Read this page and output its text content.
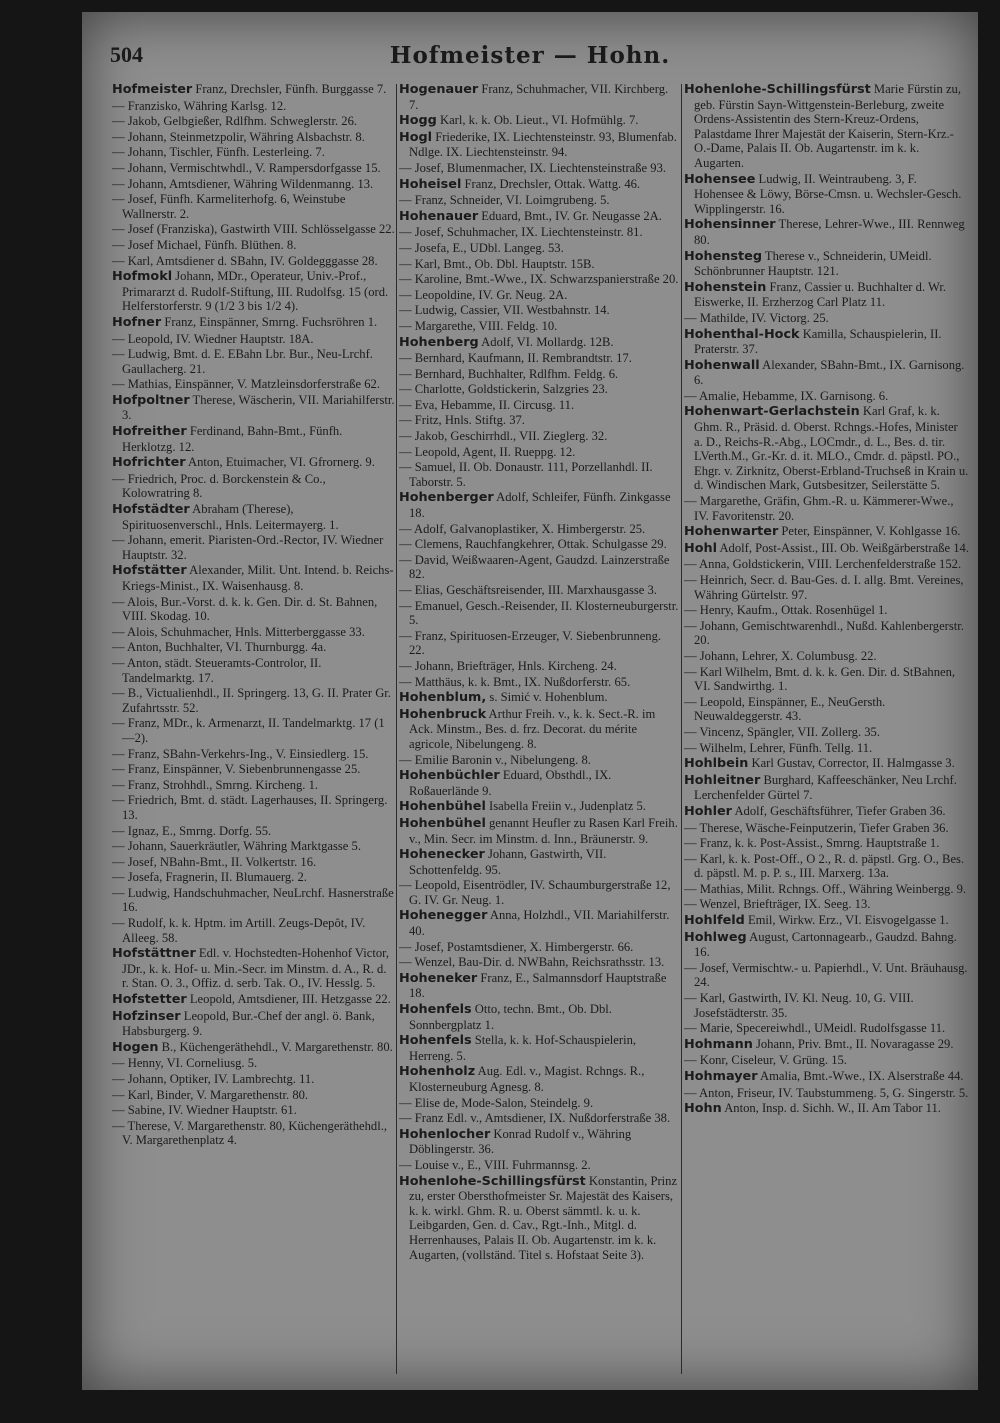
504	Hofmeister — Hohn.
Hofmeister Franz, Drechsler, Fünfh. Burggasse 7.
— Franzisko, Währing Karlsg. 12.
— Jakob, Gelbgießer, Rdlfhm. Schweglerstr. 26.
— Johann, Steinmetzpolir, Währing Alsbachstr. 8.
— Johann, Tischler, Fünfh. Lesterleing. 7.
— Johann, Vermischtwhdl., V. Rampersdorfgasse 15.
— Johann, Amtsdiener, Währing Wildenmanng. 13.
— Josef, Fünfh. Karmeliterhofg. 6, Weinstube Wallnerstr. 2.
— Josef (Franziska), Gastwirth VIII. Schlösselgasse 22.
— Josef Michael, Fünfh. Blüthen. 8.
— Karl, Amtsdiener d. SBahn, IV. Goldegggasse 28.
Hofmokl Johann, MDr., Operateur, Univ.-Prof., Primararzt d. Rudolf-Stiftung, III. Rudolfsg. 15 (ord. Helferstorferstr. 9 (1/2 3 bis 1/2 4).
Hofner Franz, Einspänner, Smrng. Fuchsröhren 1.
— Leopold, IV. Wiedner Hauptstr. 18A.
— Ludwig, Bmt. d. E. EBahn Lbr. Bur., Neu-Lrchf. Gaullacherg. 21.
— Mathias, Einspänner, V. Matzleinsdorferstraße 62.
Hofpoltner Therese, Wäscherin, VII. Mariahilferstr. 3.
Hofreither Ferdinand, Bahn-Bmt., Fünfh. Herklotzg. 12.
Hofrichter Anton, Etuimacher, VI. Gfrornerg. 9.
— Friedrich, Proc. d. Borckenstein & Co., Kolowratring 8.
Hofstädter Abraham (Therese), Spirituosenverschl., Hnls. Leitermayerg. 1.
— Johann, emerit. Piaristen-Ord.-Rector, IV. Wiedner Hauptstr. 32.
Hofstätter Alexander, Milit. Unt. Intend. b. Reichs-Kriegs-Minist., IX. Waisenhausg. 8.
— Alois, Bur.-Vorst. d. k. k. Gen. Dir. d. St. Bahnen, VIII. Skodag. 10.
— Alois, Schuhmacher, Hnls. Mitterberggasse 33.
— Anton, Buchhalter, VI. Thurnburgg. 4a.
— Anton, städt. Steueramts-Controlor, II. Tandelmarktg. 17.
— B., Victualienhdl., II. Springerg. 13, G. II. Prater Gr. Zufahrtsstr. 52.
— Franz, MDr., k. Armenarzt, II. Tandelmarktg. 17 (1—2).
— Franz, SBahn-Verkehrs-Ing., V. Einsiedlerg. 15.
— Franz, Einspänner, V. Siebenbrunnengasse 25.
— Franz, Strohhdl., Smrng. Kircheng. 1.
— Friedrich, Bmt. d. städt. Lagerhauses, II. Springerg. 13.
— Ignaz, E., Smrng. Dorfg. 55.
— Johann, Sauerkräutler, Währing Marktgasse 5.
— Josef, NBahn-Bmt., II. Volkertstr. 16.
— Josefa, Fragnerin, II. Blumauerg. 2.
— Ludwig, Handschuhmacher, NeuLrchf. Hasnerstraße 16.
— Rudolf, k. k. Hptm. im Artill. Zeugs-Depôt, IV. Alleeg. 58.
Hofstättner Edl. v. Hochstedten-Hohenhof Victor, JDr., k. k. Hof- u. Min.-Secr. im Minstm. d. A., R. d. r. Stan. O. 3., Offiz. d. serb. Tak. O., IV. Hesslg. 5.
Hofstetter Leopold, Amtsdiener, III. Hetzgasse 22.
Hofzinser Leopold, Bur.-Chef der angl. ö. Bank, Habsburgerg. 9.
Hogen B., Küchengeräthehdl., V. Margarethenstr. 80.
— Henny, VI. Corneliusg. 5.
— Johann, Optiker, IV. Lambrechtg. 11.
— Karl, Binder, V. Margarethenstr. 80.
— Sabine, IV. Wiedner Hauptstr. 61.
— Therese, V. Margarethenstr. 80, Küchengeräthehdl., V. Margarethenplatz 4.
Hogenauer Franz, Schuhmacher, VII. Kirchberg. 7.
Hogg Karl, k. k. Ob. Lieut., VI. Hofmühlg. 7.
Hogl Friederike, IX. Liechtensteinstr. 93, Blumenfab. Ndlge. IX. Liechtensteinstr. 94.
— Josef, Blumenmacher, IX. Liechtensteinstraße 93.
Hoheisel Franz, Drechsler, Ottak. Wattg. 46.
— Franz, Schneider, VI. Loimgrubeng. 5.
Hohenauer Eduard, Bmt., IV. Gr. Neugasse 2A.
— Josef, Schuhmacher, IX. Liechtensteinstr. 81.
— Josefa, E., UDbl. Langeg. 53.
— Karl, Bmt., Ob. Dbl. Hauptstr. 15B.
— Karoline, Bmt.-Wwe., IX. Schwarzspanierstraße 20.
— Leopoldine, IV. Gr. Neug. 2A.
— Ludwig, Cassier, VII. Westbahnstr. 14.
— Margarethe, VIII. Feldg. 10.
Hohenberg Adolf, VI. Mollardg. 12B.
— Bernhard, Kaufmann, II. Rembrandtstr. 17.
— Bernhard, Buchhalter, Rdlfhm. Feldg. 6.
— Charlotte, Goldstickerin, Salzgries 23.
— Eva, Hebamme, II. Circusg. 11.
— Fritz, Hnls. Stiftg. 37.
— Jakob, Geschirrhdl., VII. Zieglerg. 32.
— Leopold, Agent, II. Rueppg. 12.
— Samuel, II. Ob. Donaustr. 111, Porzellanhdl. II. Taborstr. 5.
Hohenberger Adolf, Schleifer, Fünfh. Zinkgasse 18.
— Adolf, Galvanoplastiker, X. Himbergerstr. 25.
— Clemens, Rauchfangkehrer, Ottak. Schulgasse 29.
— David, Weißwaaren-Agent, Gaudzd. Lainzerstraße 82.
— Elias, Geschäftsreisender, III. Marxhausgasse 3.
— Emanuel, Gesch.-Reisender, II. Klosterneuburgerstr. 5.
— Franz, Spirituosen-Erzeuger, V. Siebenbrunneng. 22.
— Johann, Briefträger, Hnls. Kircheng. 24.
— Matthäus, k. k. Bmt., IX. Nußdorferstr. 65.
Hohenblum, s. Simić v. Hohenblum.
Hohenbruck Arthur Freih. v., k. k. Sect.-R. im Ack. Minstm., Bes. d. frz. Decorat. du mérite agricole, Nibelungeng. 8.
— Emilie Baronin v., Nibelungeng. 8.
Hohenbüchler Eduard, Obsthdl., IX. Roßauerlände 9.
Hohenbühel Isabella Freiin v., Judenplatz 5.
Hohenbühel genannt Heufler zu Rasen Karl Freih. v., Min. Secr. im Minstm. d. Inn., Bräunerstr. 9.
Hohenecker Johann, Gastwirth, VII. Schottenfeldg. 95.
— Leopold, Eisentrödler, IV. Schaumburgerstraße 12, G. IV. Gr. Neug. 1.
Hohenegger Anna, Holzhdl., VII. Mariahilferstr. 40.
— Josef, Postamtsdiener, X. Himbergerstr. 66.
— Wenzel, Bau-Dir. d. NWBahn, Reichsrathsstr. 13.
Hoheneker Franz, E., Salmannsdorf Hauptstraße 18.
Hohenfels Otto, techn. Bmt., Ob. Dbl. Sonnbergplatz 1.
Hohenfels Stella, k. k. Hof-Schauspielerin, Herreng. 5.
Hohenholz Aug. Edl. v., Magist. Rchngs. R., Klosterneuburg Agnesg. 8.
— Elise de, Mode-Salon, Steindelg. 9.
— Franz Edl. v., Amtsdiener, IX. Nußdorferstraße 38.
Hohenlocher Konrad Rudolf v., Währing Döblingerstr. 36.
— Louise v., E., VIII. Fuhrmannsg. 2.
Hohenlohe-Schillingsfürst Konstantin, Prinz zu, erster Obersthofmeister Sr. Majestät des Kaisers, k. k. wirkl. Ghm. R. u. Oberst sämmtl. k. u. k. Leibgarden, Gen. d. Cav., Rgt.-Inh., Mitgl. d. Herrenhauses, Palais II. Ob. Augartenstr. im k. k. Augarten, (vollständ. Titel s. Hofstaat Seite 3).
Hohenlohe-Schillingsfürst Marie Fürstin zu, geb. Fürstin Sayn-Wittgenstein-Berleburg, zweite Ordens-Assistentin des Stern-Kreuz-Ordens, Palastdame Ihrer Majestät der Kaiserin, Stern-Krz.-O.-Dame, Palais II. Ob. Augartenstr. im k. k. Augarten.
Hohensee Ludwig, II. Weintraubeng. 3, F. Hohensee & Löwy, Börse-Cmsn. u. Wechsler-Gesch. Wipplingerstr. 16.
Hohensinner Therese, Lehrer-Wwe., III. Rennweg 80.
Hohensteg Therese v., Schneiderin, UMeidl. Schönbrunner Hauptstr. 121.
Hohenstein Franz, Cassier u. Buchhalter d. Wr. Eiswerke, II. Erzherzog Carl Platz 11.
— Mathilde, IV. Victorg. 25.
Hohenthal-Hock Kamilla, Schauspielerin, II. Praterstr. 37.
Hohenwall Alexander, SBahn-Bmt., IX. Garnisong. 6.
— Amalie, Hebamme, IX. Garnisong. 6.
Hohenwart-Gerlachstein Karl Graf, k. k. Ghm. R., Präsid. d. Oberst. Rchngs.-Hofes, Minister a. D., Reichs-R.-Abg., LOCmdr., d. L., Bes. d. tir. LVerth.M., Gr.-Kr. d. it. MLO., Cmdr. d. päpstl. PO., Ehgr. v. Zirknitz, Oberst-Erbland-Truchseß in Krain u. d. Windischen Mark, Gutsbesitzer, Seilerstätte 5.
— Margarethe, Gräfin, Ghm.-R. u. Kämmerer-Wwe., IV. Favoritenstr. 20.
Hohenwarter Peter, Einspänner, V. Kohlgasse 16.
Hohl Adolf, Post-Assist., III. Ob. Weißgärberstraße 14.
— Anna, Goldstickerin, VIII. Lerchenfelderstraße 152.
— Heinrich, Secr. d. Bau-Ges. d. I. allg. Bmt. Vereines, Währing Gürtelstr. 97.
— Henry, Kaufm., Ottak. Rosenhügel 1.
— Johann, Gemischtwarenhdl., Nußd. Kahlenbergerstr. 20.
— Johann, Lehrer, X. Columbusg. 22.
— Karl Wilhelm, Bmt. d. k. k. Gen. Dir. d. StBahnen, VI. Sandwirthg. 1.
— Leopold, Einspänner, E., NeuGersth. Neuwaldeggerstr. 43.
— Vincenz, Spängler, VII. Zollerg. 35.
— Wilhelm, Lehrer, Fünfh. Tellg. 11.
Hohlbein Karl Gustav, Corrector, II. Halmgasse 3.
Hohleitner Burghard, Kaffeeschänker, Neu Lrchf. Lerchenfelder Gürtel 7.
Hohler Adolf, Geschäftsführer, Tiefer Graben 36.
— Therese, Wäsche-Feinputzerin, Tiefer Graben 36.
— Franz, k. k. Post-Assist., Smrng. Hauptstraße 1.
— Karl, k. k. Post-Off., O 2., R. d. päpstl. Grg. O., Bes. d. päpstl. M. p. P. s., III. Marxerg. 13a.
— Mathias, Milit. Rchngs. Off., Währing Weinbergg. 9.
— Wenzel, Briefträger, IX. Seeg. 13.
Hohlfeld Emil, Wirkw. Erz., VI. Eisvogelgasse 1.
Hohlweg August, Cartonnagearb., Gaudzd. Bahng. 16.
— Josef, Vermischtw.- u. Papierhdl., V. Unt. Bräuhausg. 24.
— Karl, Gastwirth, IV. Kl. Neug. 10, G. VIII. Josefstädterstr. 35.
— Marie, Specereiwhdl., UMeidl. Rudolfsgasse 11.
Hohmann Johann, Priv. Bmt., II. Novaragasse 29.
— Konr, Ciseleur, V. Grüng. 15.
Hohmayer Amalia, Bmt.-Wwe., IX. Alserstraße 44.
— Anton, Friseur, IV. Taubstummeng. 5, G. Singerstr. 5.
Hohn Anton, Insp. d. Sichh. W., II. Am Tabor 11.
